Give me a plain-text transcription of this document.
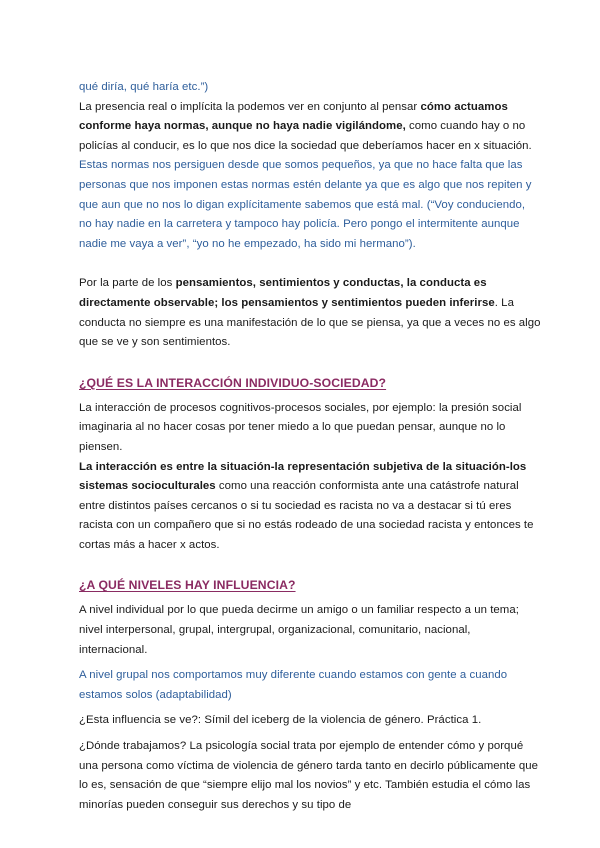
qué diría, qué haría etc.”)

La presencia real o implícita la podemos ver en conjunto al pensar cómo actuamos conforme haya normas, aunque no haya nadie vigilándome, como cuando hay o no policías al conducir, es lo que nos dice la sociedad que deberíamos hacer en x situación. Estas normas nos persiguen desde que somos pequeños, ya que no hace falta que las personas que nos imponen estas normas estén delante ya que es algo que nos repiten y que aun que no nos lo digan explícitamente sabemos que está mal. (“Voy conduciendo, no hay nadie en la carretera y tampoco hay policía. Pero pongo el intermitente aunque nadie me vaya a ver”, “yo no he empezado, ha sido mi hermano”).

Por la parte de los pensamientos, sentimientos y conductas, la conducta es directamente observable; los pensamientos y sentimientos pueden inferirse. La conducta no siempre es una manifestación de lo que se piensa, ya que a veces no es algo que se ve y son sentimientos.

¿QUÉ ES LA INTERACCIÓN INDIVIDUO-SOCIEDAD?

La interacción de procesos cognitivos-procesos sociales, por ejemplo: la presión social imaginaria al no hacer cosas por tener miedo a lo que puedan pensar, aunque no lo piensen.

La interacción es entre la situación-la representación subjetiva de la situación-los sistemas socioculturales como una reacción conformista ante una catástrofe natural entre distintos países cercanos o si tu sociedad es racista no va a destacar si tú eres racista con un compañero que si no estás rodeado de una sociedad racista y entonces te cortas más a hacer x actos.

¿A QUÉ NIVELES HAY INFLUENCIA?

A nivel individual por lo que pueda decirme un amigo o un familiar respecto a un tema; nivel interpersonal, grupal, intergrupal, organizacional, comunitario, nacional, internacional.

A nivel grupal nos comportamos muy diferente cuando estamos con gente a cuando estamos solos (adaptabilidad)

¿Esta influencia se ve?: Símil del iceberg de la violencia de género. Práctica 1.

¿Dónde trabajamos? La psicología social trata por ejemplo de entender cómo y porqué una persona como víctima de violencia de género tarda tanto en decirlo públicamente que lo es, sensación de que “siempre elijo mal los novios” y etc. También estudia el cómo las minorías pueden conseguir sus derechos y su tipo de
